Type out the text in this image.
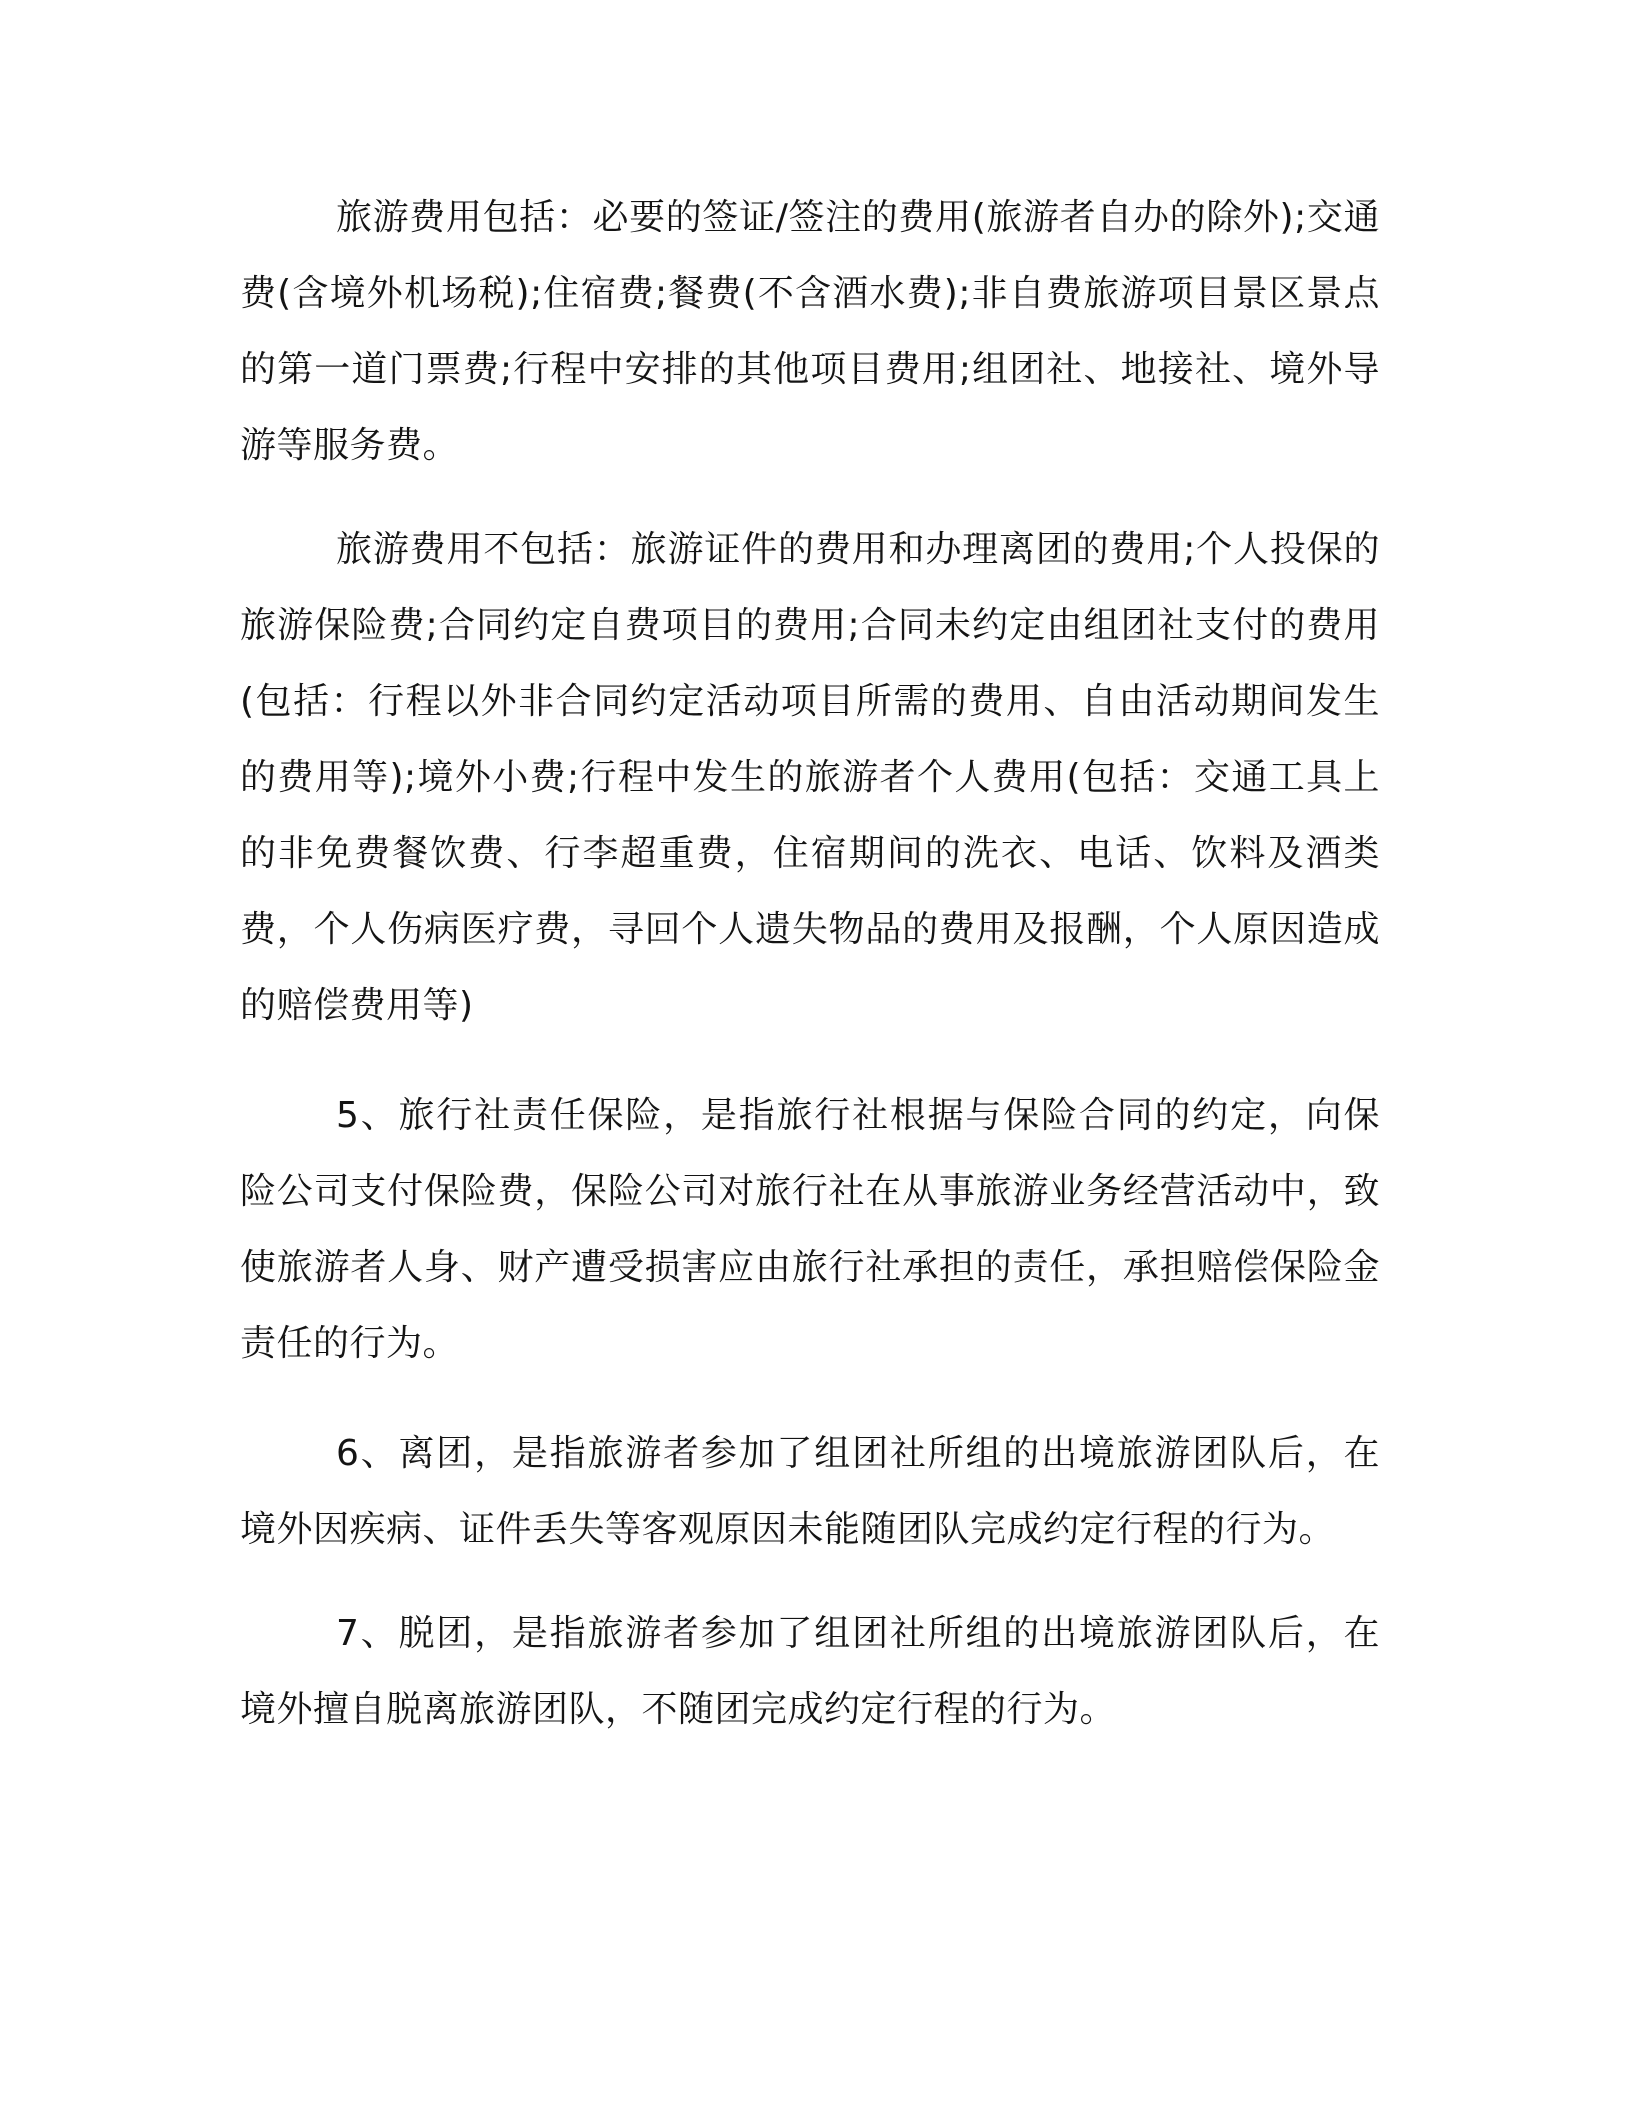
旅游费用包括：必要的签证/签注的费用(旅游者自办的除外);交通费(含境外机场税);住宿费;餐费(不含酒水费);非自费旅游项目景区景点的第一道门票费;行程中安排的其他项目费用;组团社、地接社、境外导游等服务费。

旅游费用不包括：旅游证件的费用和办理离团的费用;个人投保的旅游保险费;合同约定自费项目的费用;合同未约定由组团社支付的费用(包括：行程以外非合同约定活动项目所需的费用、自由活动期间发生的费用等);境外小费;行程中发生的旅游者个人费用(包括：交通工具上的非免费餐饮费、行李超重费，住宿期间的洗衣、电话、饮料及酒类费，个人伤病医疗费，寻回个人遗失物品的费用及报酬，个人原因造成的赔偿费用等)

5、旅行社责任保险，是指旅行社根据与保险合同的约定，向保险公司支付保险费，保险公司对旅行社在从事旅游业务经营活动中，致使旅游者人身、财产遭受损害应由旅行社承担的责任，承担赔偿保险金责任的行为。

6、离团，是指旅游者参加了组团社所组的出境旅游团队后，在境外因疾病、证件丢失等客观原因未能随团队完成约定行程的行为。

7、脱团，是指旅游者参加了组团社所组的出境旅游团队后，在境外擅自脱离旅游团队，不随团完成约定行程的行为。
